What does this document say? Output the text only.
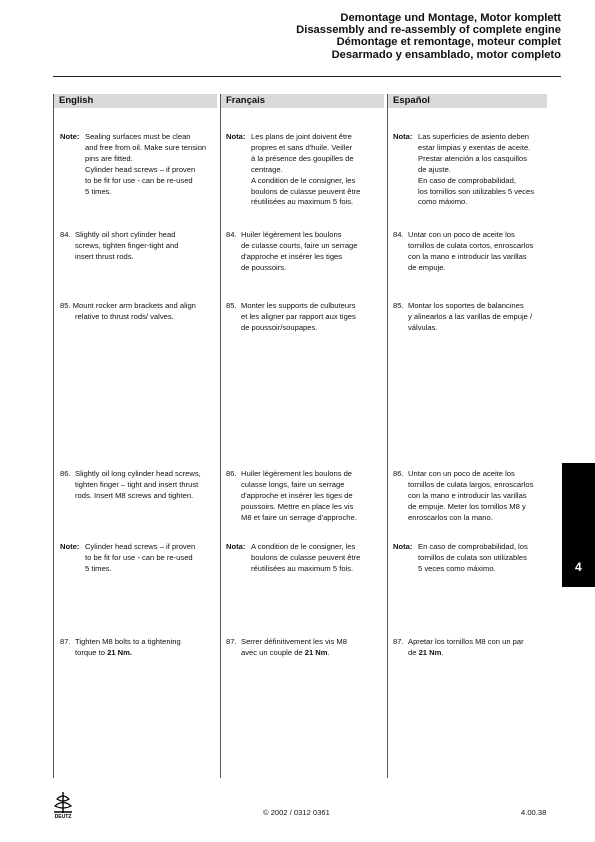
Demontage und Montage, Motor komplett
Disassembly and re-assembly of complete engine
Démontage et remontage, moteur complet
Desarmado y ensamblado, motor completo
English	Français	Español
Note: Sealing surfaces must be clean
and free from oil. Make sure tension
pins are fitted.
Cylinder head screws – if proven
to be fit for use - can be re-used
5 times.
84. Slightly oil short cylinder head
screws, tighten finger-tight and
insert thrust rods.
85. Mount rocker arm brackets and align
relative to thrust rods/ valves.
86. Slightly oil long cylinder head screws,
tighten finger – tight and insert thrust
rods. Insert M8 screws and tighten.
Note: Cylinder head screws – if proven
to be fit for use - can be re-used
5 times.
87. Tighten M8 bolts to a tightening
torque to 21 Nm.
Nota: Les plans de joint doivent être
propres et sans d'huile. Veiller
à la présence des goupilles de
centrage.
A condition de le consigner, les
boulons de culasse peuvent être
réutilisées au maximum 5 fois.
84. Huiler légèrement les boulons
de culasse courts, faire un serrage
d'approche et insérer les tiges
de poussoirs.
85. Monter les supports de culbuteurs
et les aligner par rapport aux tiges
de poussoir/soupapes.
86. Huiler légèrement les boulons de
culasse longs, faire un serrage
d'approche et insérer les tiges de
poussoirs. Mettre en place les vis
M8 et faire un serrage d'approche.
Nota: A condition de le consigner, les
boulons de culasse peuvent être
réutilisées au maximum 5 fois.
87. Serrer définitivement les vis M8
avec un couple de 21 Nm.
Nota: Las superficies de asiento deben
estar limpias y exentas de aceite.
Prestar atención a los casquillos
de ajuste.
En caso de comprobabilidad,
los tornillos son utilizables 5 veces
como máximo.
84. Untar con un poco de aceite los
tornillos de culata cortos, enroscarlos
con la mano e introducir las varillas
de empuje.
85. Montar los soportes de balancines
y alinearlos a las varillas de empuje /
válvulas.
86. Untar con un poco de aceite los
tornillos de culata largos, enroscarlos
con la mano e introducir las varillas
de empuje. Meter los tornillos M8 y
enroscarlos con la mano.
Nota: En caso de comprobabilidad, los
tornillos de culata son utilizables
5 veces como máximo.
87. Apretar los tornillos M8 con un par
de 21 Nm.
4
DEUTZ	© 2002 / 0312 0361	4.00.38
